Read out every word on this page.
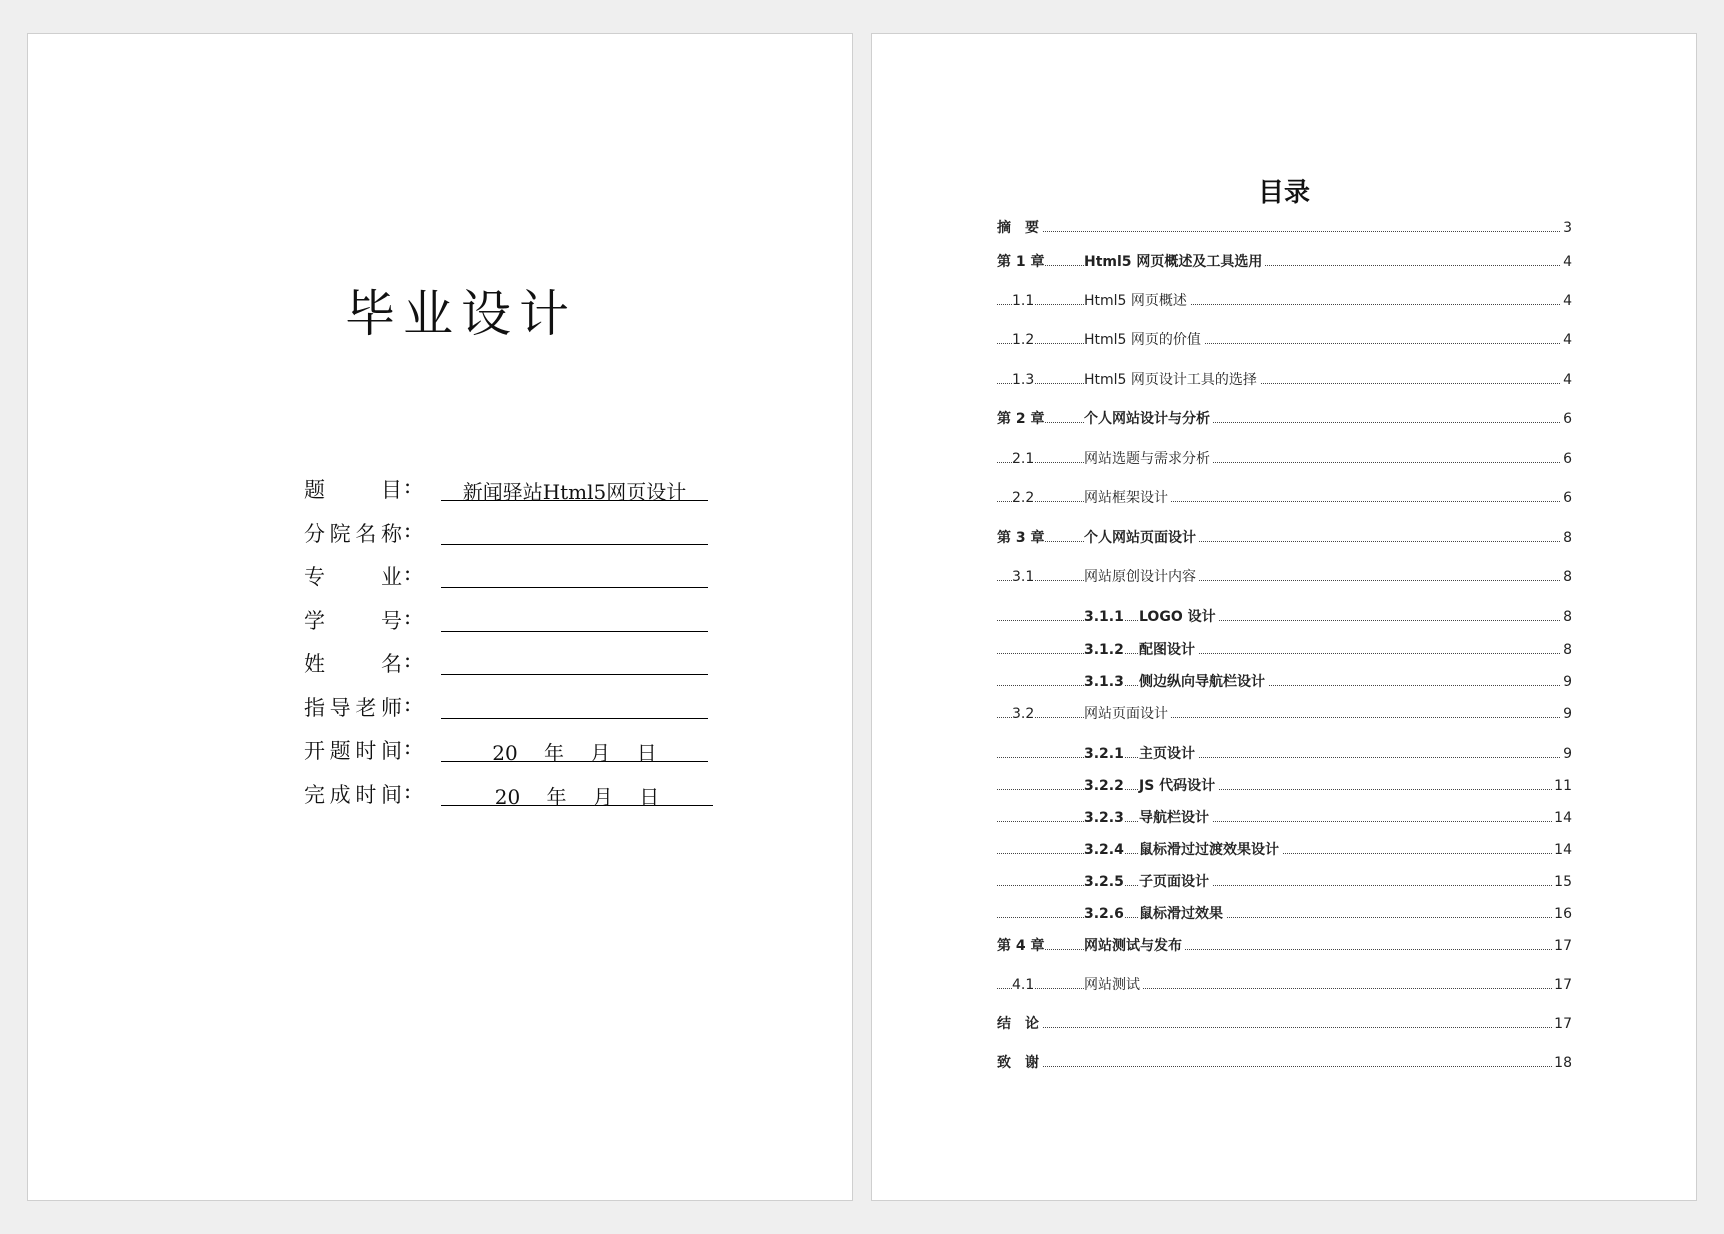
毕业设计
题　　目 :	新闻驿站Html5网页设计
分院名称 :
专　　业 :
学　　号 :
姓　　名 :
指导老师 :
开题时间 :	20　 年　 月　 日
完成时间 :	20　 年　 月　 日
目录
摘　要	3
第 1 章	Html5 网页概述及工具选用	4
1.1	Html5 网页概述	4
1.2	Html5 网页的价值	4
1.3	Html5 网页设计工具的选择	4
第 2 章	个人网站设计与分析	6
2.1	网站选题与需求分析	6
2.2	网站框架设计	6
第 3 章	个人网站页面设计	8
3.1	网站原创设计内容	8
3.1.1 LOGO 设计	8
3.1.2 配图设计	8
3.1.3 侧边纵向导航栏设计	9
3.2	网站页面设计	9
3.2.1 主页设计	9
3.2.2 JS 代码设计	11
3.2.3 导航栏设计	14
3.2.4 鼠标滑过过渡效果设计	14
3.2.5 子页面设计	15
3.2.6 鼠标滑过效果	16
第 4 章	网站测试与发布	17
4.1	网站测试	17
结　论	17
致　谢	18
